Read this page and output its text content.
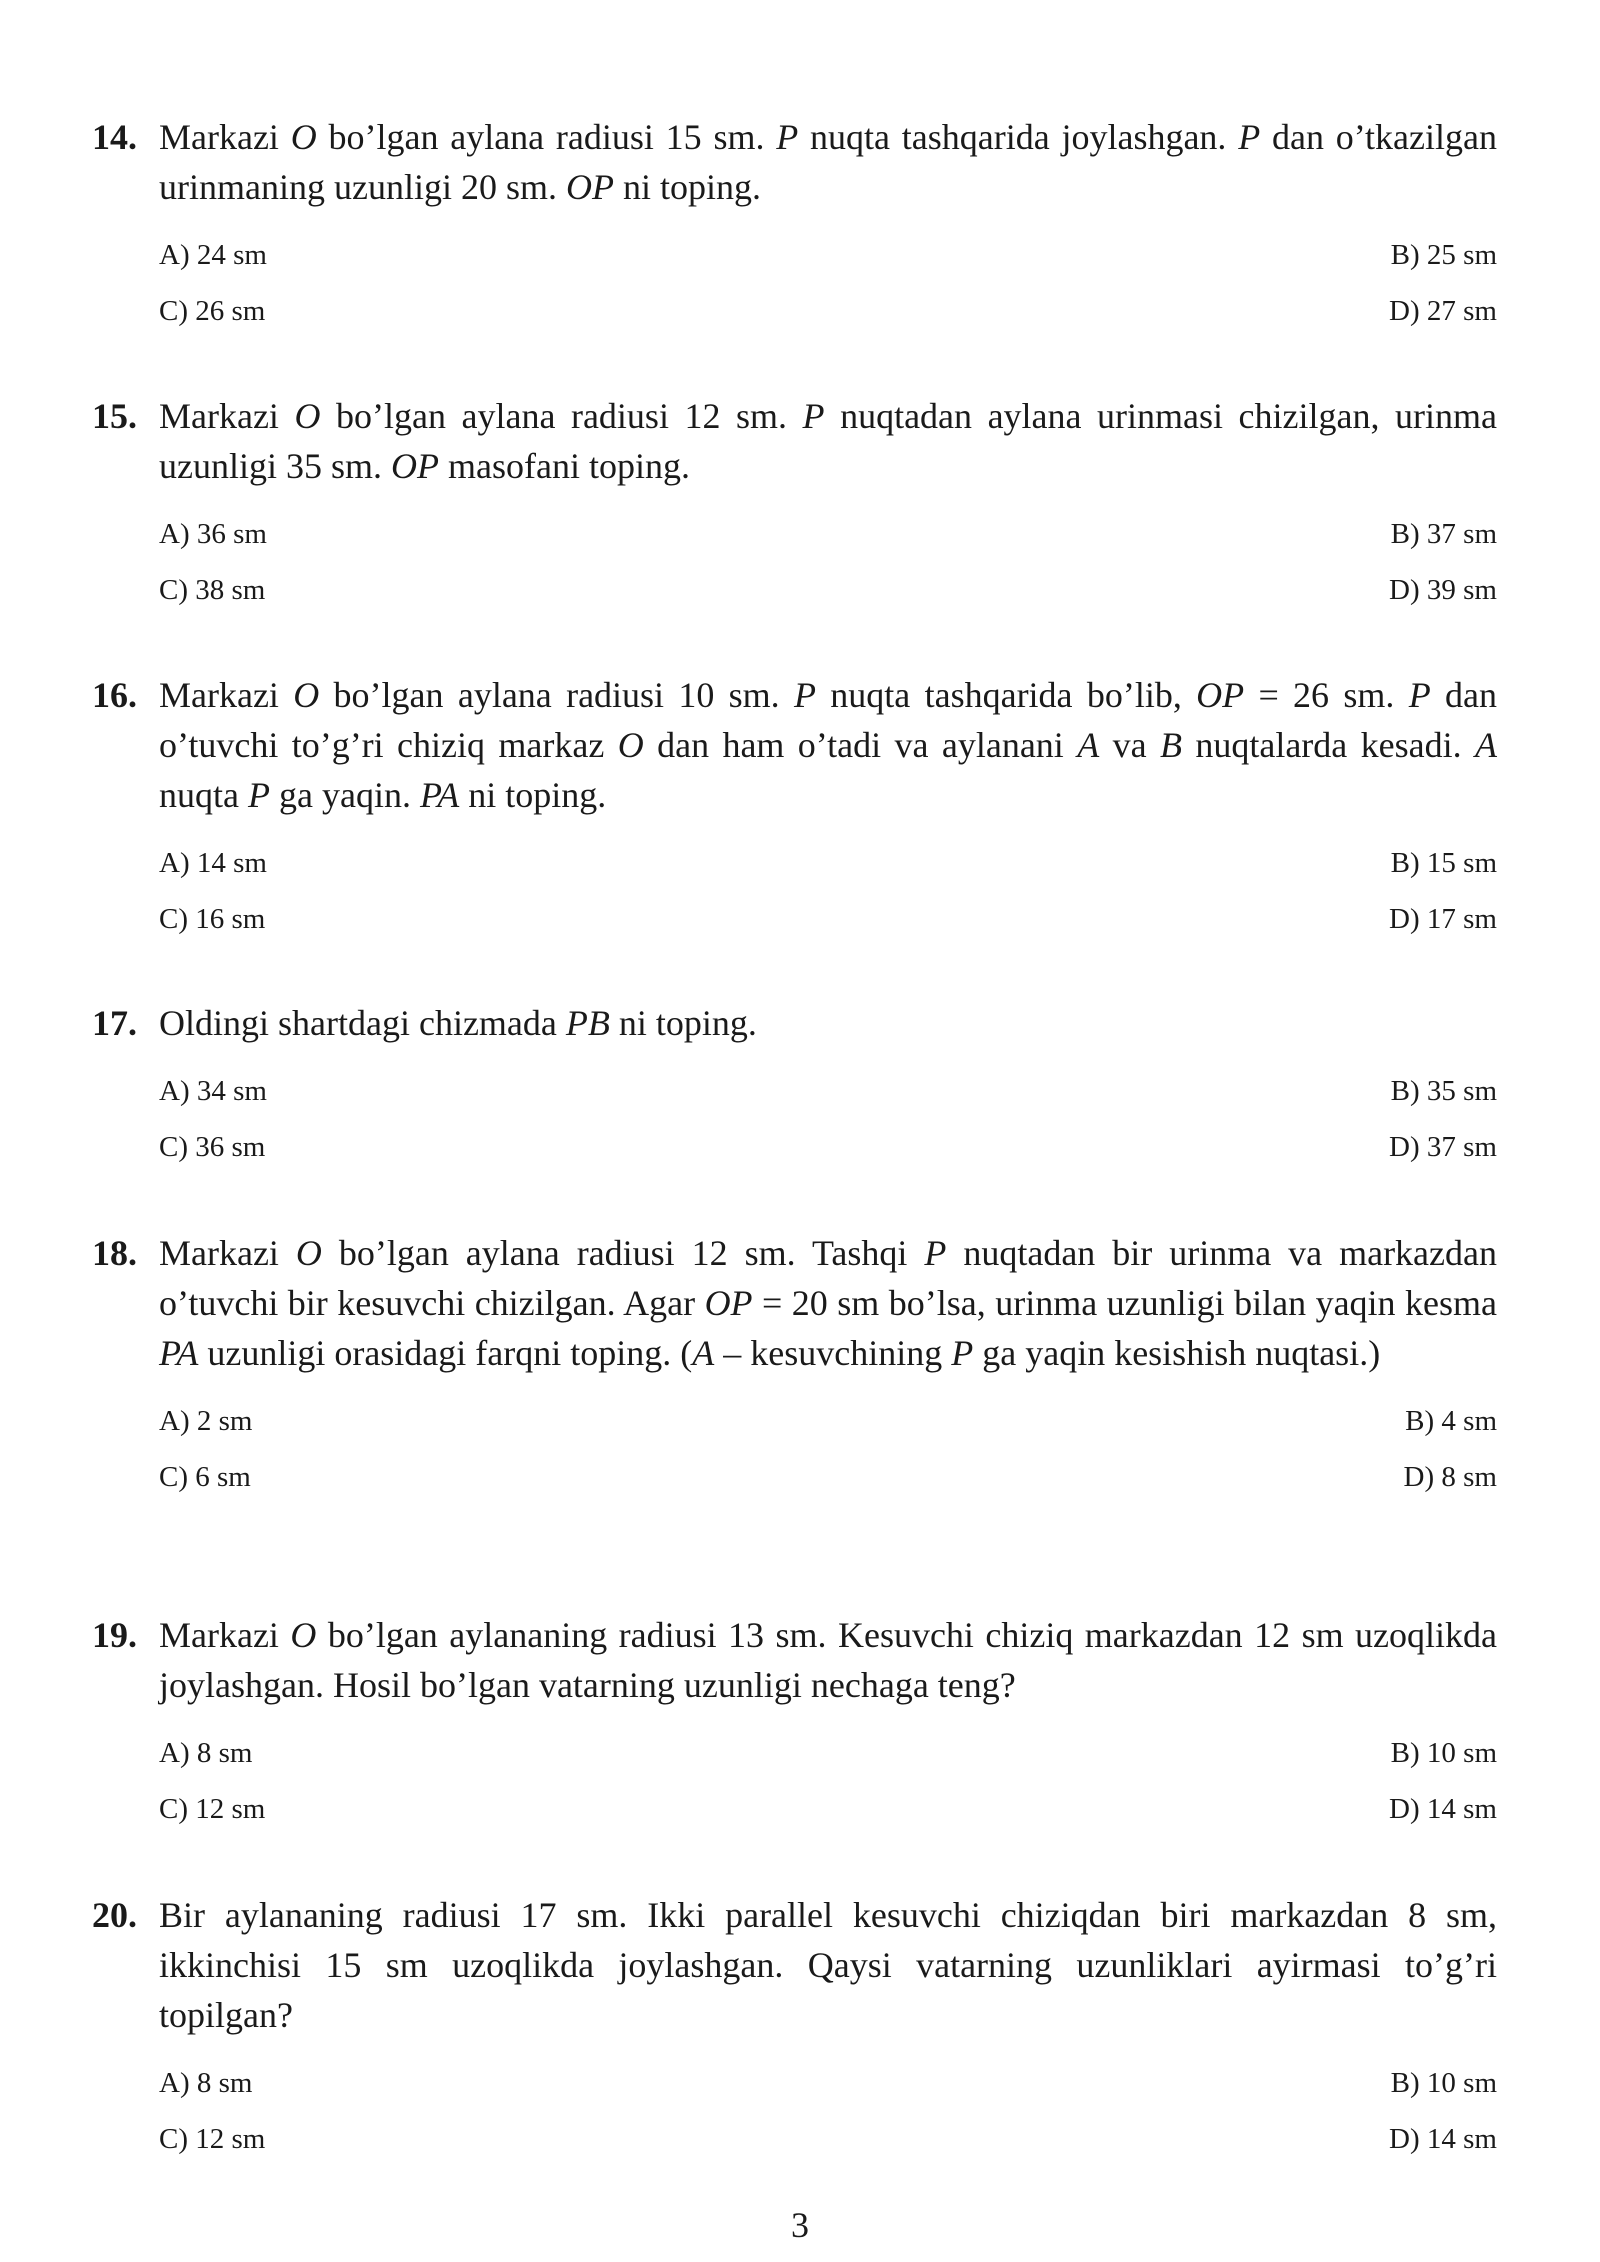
14. Markazi O bo’lgan aylana radiusi 15 sm. P nuqta tashqarida joylashgan. P dan o’tkazilgan urinmaning uzunligi 20 sm. OP ni toping.
A) 24 sm	B) 25 sm
C) 26 sm	D) 27 sm
15. Markazi O bo’lgan aylana radiusi 12 sm. P nuqtadan aylana urinmasi chizilgan, urinma uzunligi 35 sm. OP masofani toping.
A) 36 sm	B) 37 sm
C) 38 sm	D) 39 sm
16. Markazi O bo’lgan aylana radiusi 10 sm. P nuqta tashqarida bo’lib, OP = 26 sm. P dan o’tuvchi to’g’ri chiziq markaz O dan ham o’tadi va aylanani A va B nuqtalarda kesadi. A nuqta P ga yaqin. PA ni toping.
A) 14 sm	B) 15 sm
C) 16 sm	D) 17 sm
17. Oldingi shartdagi chizmada PB ni toping.
A) 34 sm	B) 35 sm
C) 36 sm	D) 37 sm
18. Markazi O bo’lgan aylana radiusi 12 sm. Tashqi P nuqtadan bir urinma va markazdan o’tuvchi bir kesuvchi chizilgan. Agar OP = 20 sm bo’lsa, urinma uzunligi bilan yaqin kesma PA uzunligi orasidagi farqni toping. (A – kesuvchining P ga yaqin kesishish nuqtasi.)
A) 2 sm	B) 4 sm
C) 6 sm	D) 8 sm
19. Markazi O bo’lgan aylananing radiusi 13 sm. Kesuvchi chiziq markazdan 12 sm uzoqlikda joylashgan. Hosil bo’lgan vatarning uzunligi nechaga teng?
A) 8 sm	B) 10 sm
C) 12 sm	D) 14 sm
20. Bir aylananing radiusi 17 sm. Ikki parallel kesuvchi chiziqdan biri markazdan 8 sm, ikkinchisi 15 sm uzoqlikda joylashgan. Qaysi vatarning uzunliklari ayirmasi to’g’ri topilgan?
A) 8 sm	B) 10 sm
C) 12 sm	D) 14 sm
3
